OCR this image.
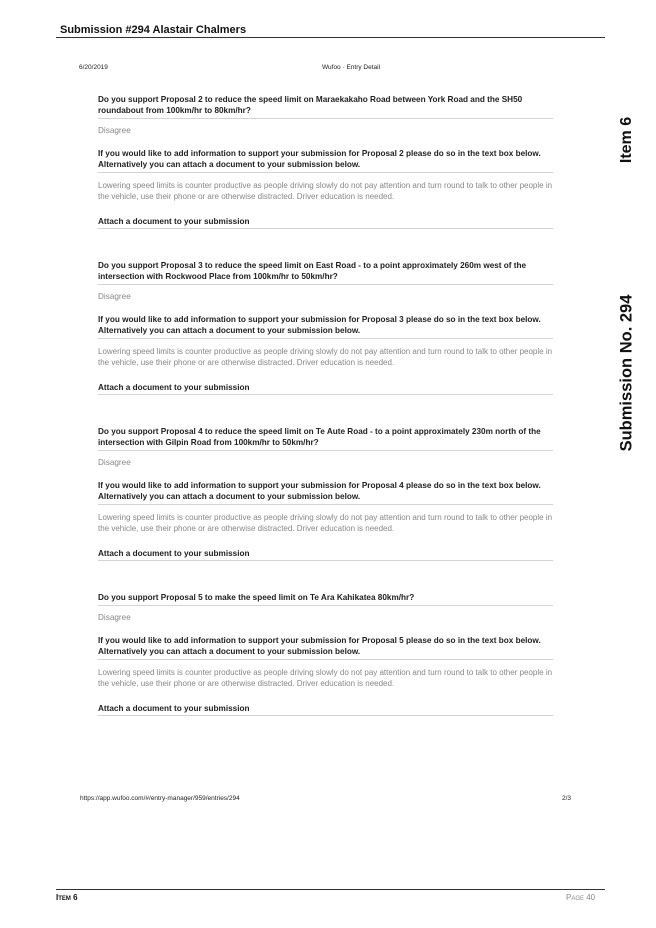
Submission #294 Alastair Chalmers
6/20/2019	Wufoo · Entry Detail
Item 6
Submission No. 294
Do you support Proposal 2 to reduce the speed limit on Maraekakaho Road between York Road and the SH50 roundabout from 100km/hr to 80km/hr?
Disagree
If you would like to add information to support your submission for Proposal 2 please do so in the text box below. Alternatively you can attach a document to your submission below.
Lowering speed limits is counter productive as people driving slowly do not pay attention and turn round to talk to other people in the vehicle, use their phone or are otherwise distracted. Driver education is needed.
Attach a document to your submission
Do you support Proposal 3 to reduce the speed limit on East Road - to a point approximately 260m west of the intersection with Rockwood Place from 100km/hr to 50km/hr?
Disagree
If you would like to add information to support your submission for Proposal 3 please do so in the text box below. Alternatively you can attach a document to your submission below.
Lowering speed limits is counter productive as people driving slowly do not pay attention and turn round to talk to other people in the vehicle, use their phone or are otherwise distracted. Driver education is needed.
Attach a document to your submission
Do you support Proposal 4 to reduce the speed limit on Te Aute Road - to a point approximately 230m north of the intersection with Gilpin Road from 100km/hr to 50km/hr?
Disagree
If you would like to add information to support your submission for Proposal 4 please do so in the text box below. Alternatively you can attach a document to your submission below.
Lowering speed limits is counter productive as people driving slowly do not pay attention and turn round to talk to other people in the vehicle, use their phone or are otherwise distracted. Driver education is needed.
Attach a document to your submission
Do you support Proposal 5 to make the speed limit on Te Ara Kahikatea 80km/hr?
Disagree
If you would like to add information to support your submission for Proposal 5 please do so in the text box below. Alternatively you can attach a document to your submission below.
Lowering speed limits is counter productive as people driving slowly do not pay attention and turn round to talk to other people in the vehicle, use their phone or are otherwise distracted. Driver education is needed.
Attach a document to your submission
https://app.wufoo.com/#/entry-manager/959/entries/294	2/3
Item 6	Page 40
